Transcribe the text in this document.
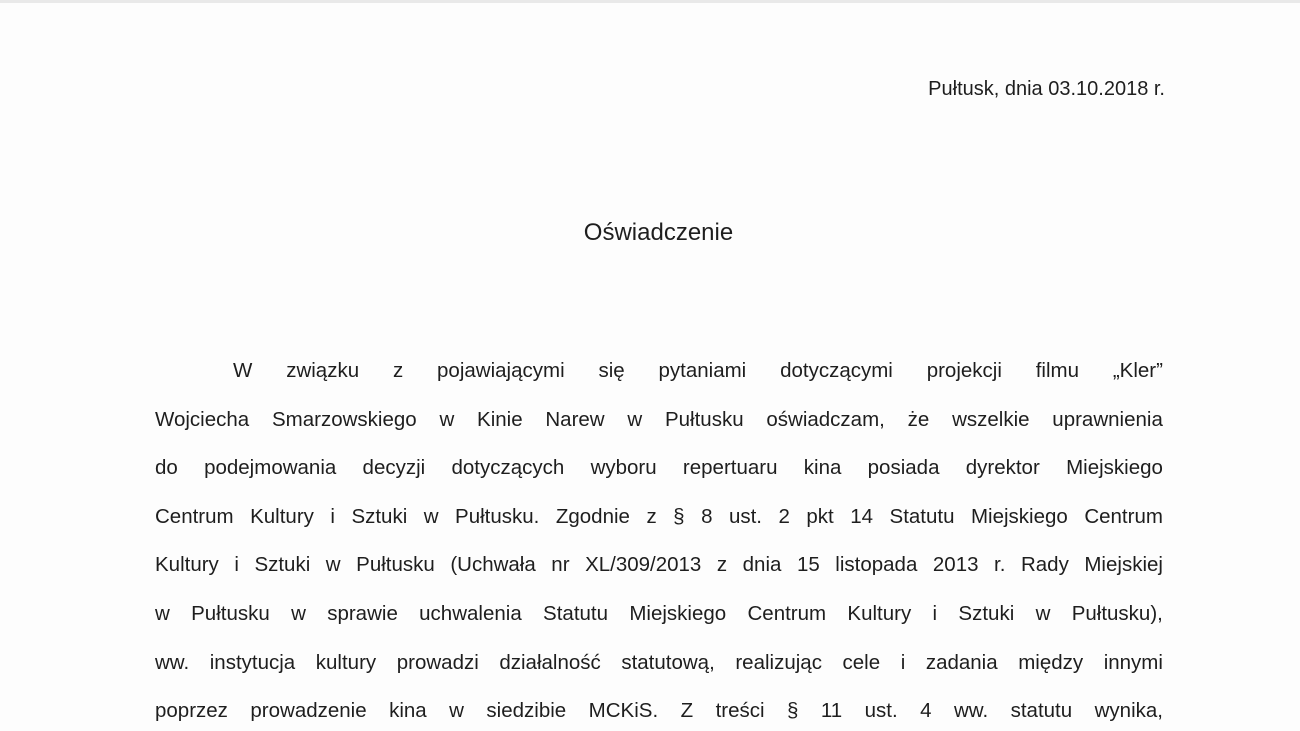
Pułtusk, dnia 03.10.2018 r.
Oświadczenie
W związku z pojawiającymi się pytaniami dotyczącymi projekcji filmu „Kler”
Wojciecha Smarzowskiego w Kinie Narew w Pułtusku oświadczam, że wszelkie uprawnienia
do podejmowania decyzji dotyczących wyboru repertuaru kina posiada dyrektor Miejskiego
Centrum Kultury i Sztuki w Pułtusku. Zgodnie z § 8 ust. 2 pkt 14 Statutu Miejskiego Centrum
Kultury i Sztuki w Pułtusku (Uchwała nr XL/309/2013 z dnia 15 listopada 2013 r. Rady Miejskiej
w Pułtusku w sprawie uchwalenia Statutu Miejskiego Centrum Kultury i Sztuki w Pułtusku),
ww. instytucja kultury prowadzi działalność statutową, realizując cele i zadania między innymi
poprzez prowadzenie kina w siedzibie MCKiS. Z treści § 11 ust. 4 ww. statutu wynika,
